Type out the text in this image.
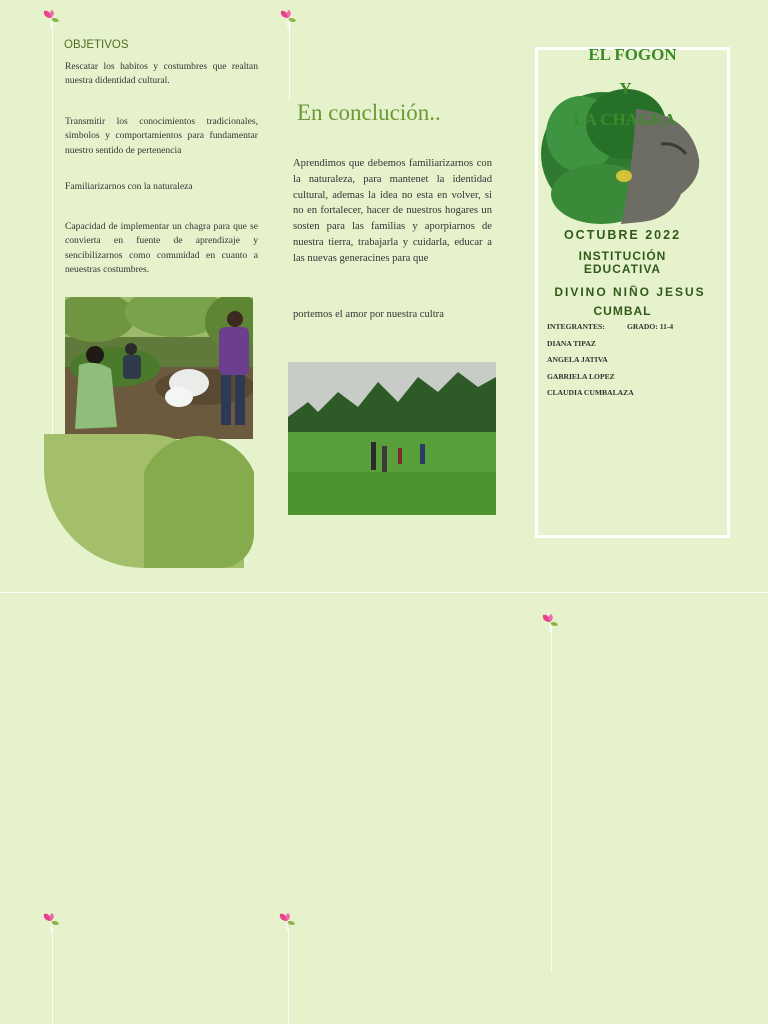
OBJETIVOS
Rescatar los habitos y costumbres que realtan nuestra didentidad cultural.
Transmitir los conocimientos tradicionales, simbolos y comportamientos para fundamentar nuestro sentido de pertenencia
Familiarizarnos con la naturaleza
Capacidad de implementar un chagra para que se convierta en fuente de aprendizaje y sencibilizarnos como comunidad en cuanto a neuestras costumbres.
En conclución..
Aprendimos que debemos familiarizarnos con la naturaleza, para mantenet la identidad cultural, ademas la idea no esta en volver, si no en fortalecer, hacer de nuestros hogares un sosten para las familias y aporpiarnos de nuestra tierra, trabajarla y cuidarla, educar a las nuevas generacines para que
portemos el amor por nuestra cultra
EL FOGON
Y
LA CHAGRA
OCTUBRE 2022
INSTITUCIÓN
EDUCATIVA
DIVINO NIÑO JESUS
CUMBAL
INTEGRANTES:	GRADO: 11-4
DIANA TIPAZ
ANGELA JATIVA
GABRIELA LOPEZ
CLAUDIA CUMBALAZA
